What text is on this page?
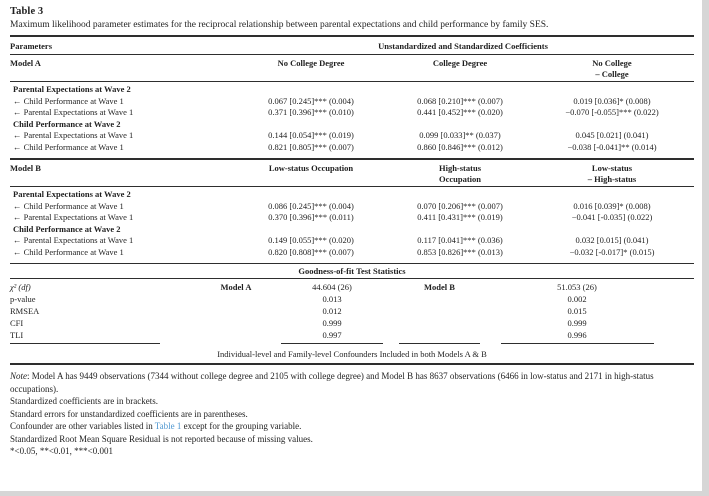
Table 3
Maximum likelihood parameter estimates for the reciprocal relationship between parental expectations and child performance by family SES.
Parameters	Unstandardized and Standardized Coefficients
Model A	No College Degree	College Degree	No College
– College
Parental Expectations at Wave 2
← Child Performance at Wave 1	0.067 [0.245]*** (0.004)	0.068 [0.210]*** (0.007)	0.019 [0.036]* (0.008)
← Parental Expectations at Wave 1	0.371 [0.396]*** (0.010)	0.441 [0.452]*** (0.020)	−0.070 [-0.055]*** (0.022)
Child Performance at Wave 2
← Parental Expectations at Wave 1	0.144 [0.054]*** (0.019)	0.099 [0.033]** (0.037)	0.045 [0.021] (0.041)
← Child Performance at Wave 1	0.821 [0.805]*** (0.007)	0.860 [0.846]*** (0.012)	−0.038 [-0.041]** (0.014)
Model B	Low-status Occupation	High-status
Occupation
Low-status
– High-status
Parental Expectations at Wave 2
← Child Performance at Wave 1	0.086 [0.245]*** (0.004)	0.070 [0.206]*** (0.007)	0.016 [0.039]* (0.008)
← Parental Expectations at Wave 1	0.370 [0.396]*** (0.011)	0.411 [0.431]*** (0.019)	−0.041 [-0.035] (0.022)
Child Performance at Wave 2
← Parental Expectations at Wave 1	0.149 [0.055]*** (0.020)	0.117 [0.041]*** (0.036)	0.032 [0.015] (0.041)
← Child Performance at Wave 1	0.820 [0.808]*** (0.007)	0.853 [0.826]*** (0.013)	−0.032 [-0.017]* (0.015)
Goodness-of-fit Test Statistics
χ² (df)	Model A	44.604 (26)	Model B	51.053 (26)
p-value	0.013	0.002
RMSEA	0.012	0.015
CFI	0.999	0.999
TLI	0.997	0.996
Individual-level and Family-level Confounders Included in both Models A & B
Note: Model A has 9449 observations (7344 without college degree and 2105 with college degree) and Model B has 8637 observations (6466 in low-status and 2171 in high-status occupations).
Standardized coefficients are in brackets.
Standard errors for unstandardized coefficients are in parentheses.
Confounder are other variables listed in Table 1 except for the grouping variable.
Standardized Root Mean Square Residual is not reported because of missing values.
*<0.05, **<0.01, ***<0.001
